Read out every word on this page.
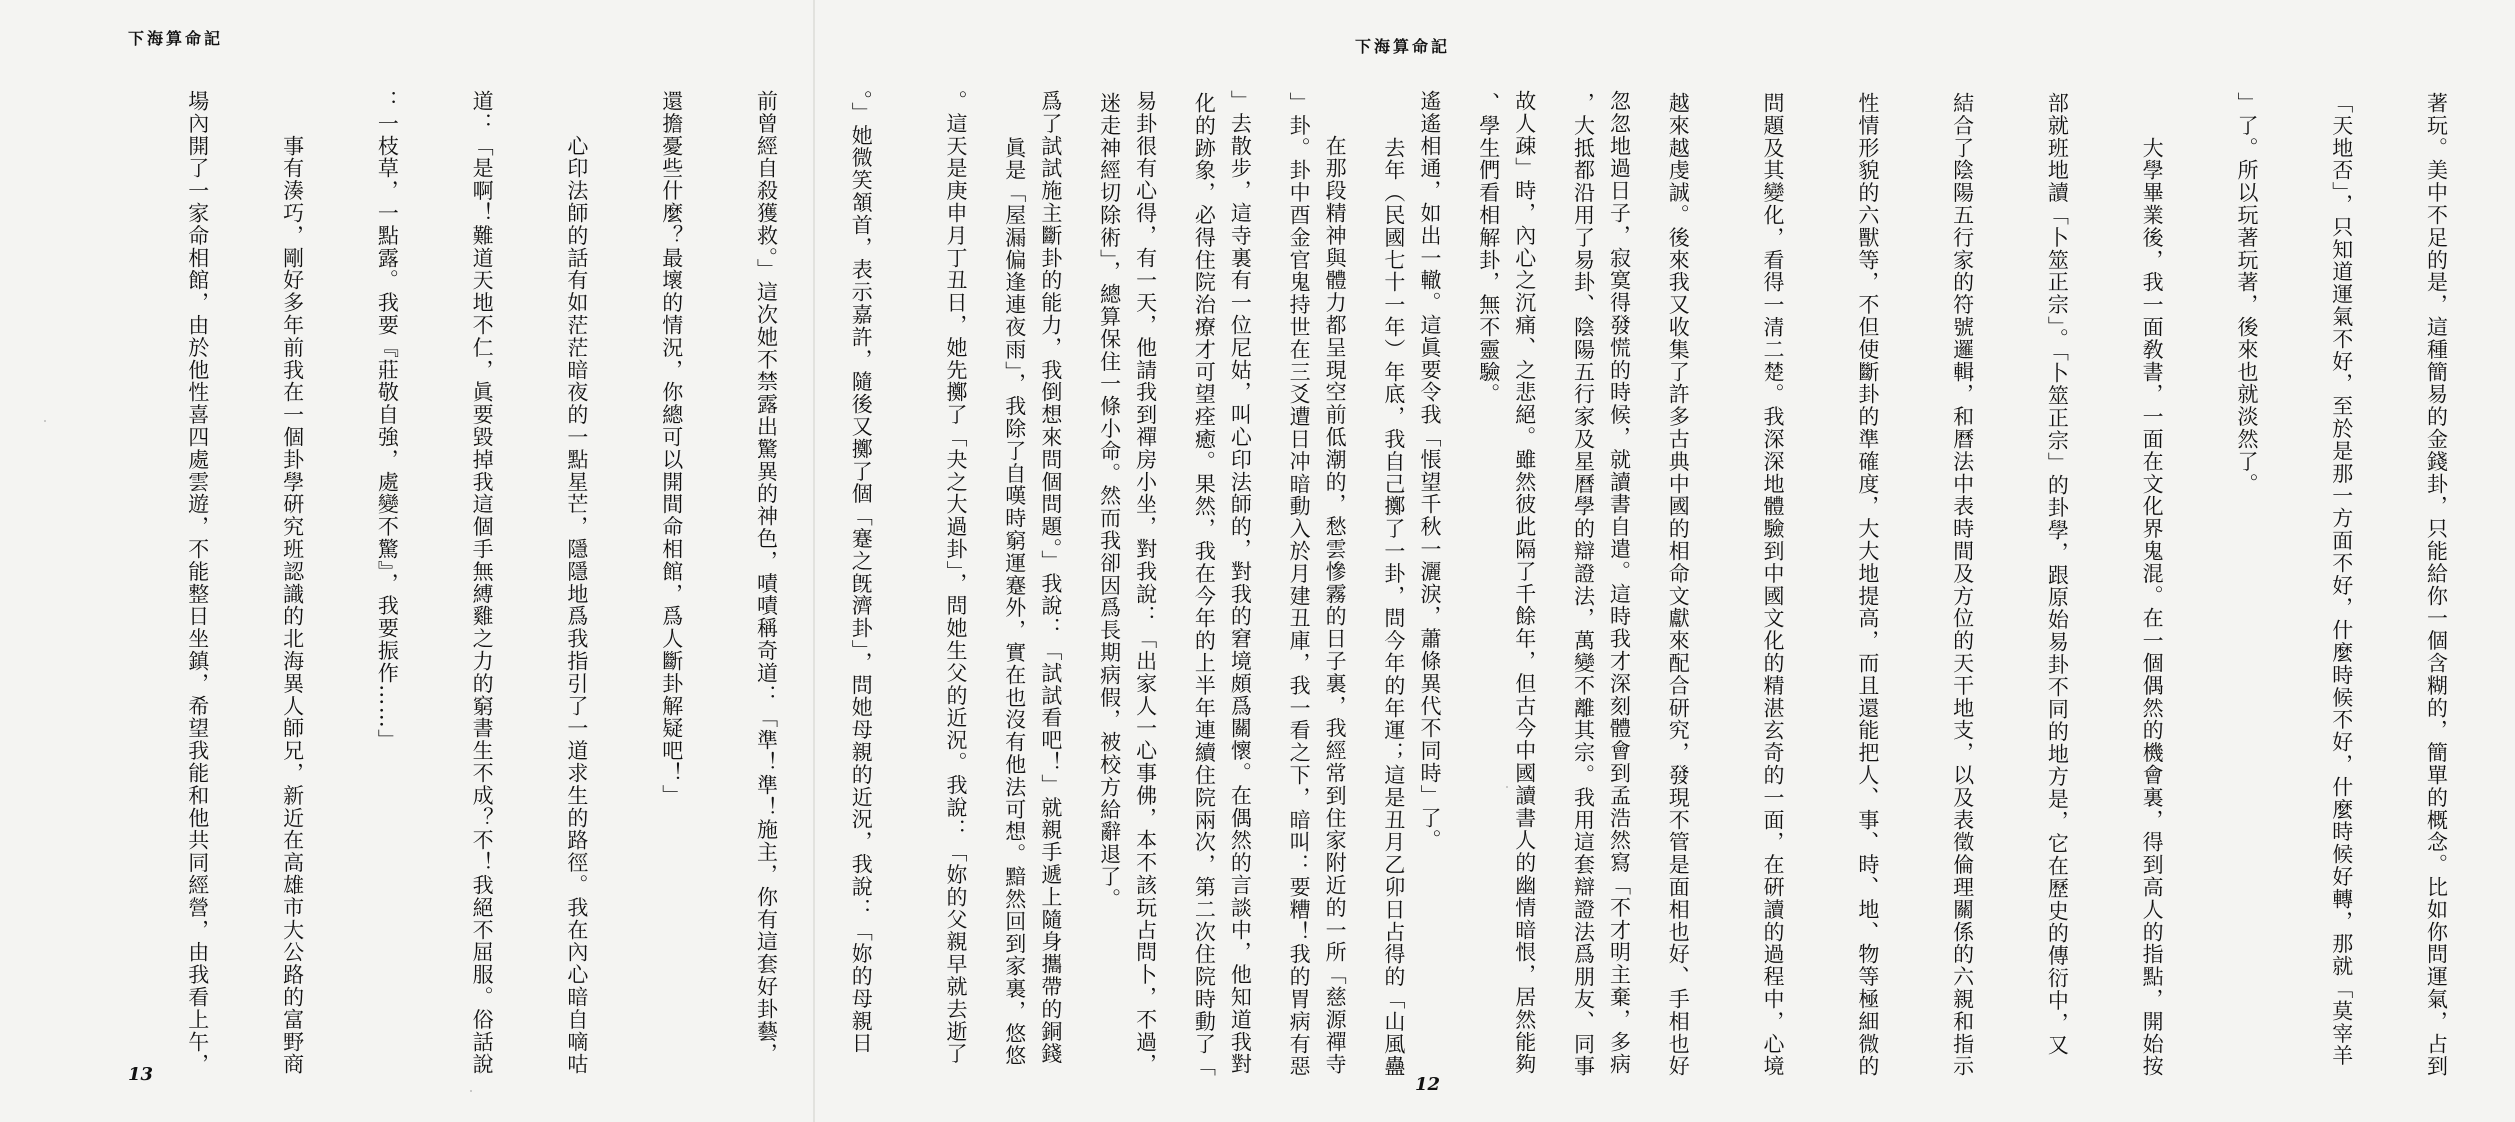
下海算命記

忽忽地過日子，寂寞得發慌的時候，就讀書自遣。這時我才深刻體會到孟浩然寫「不才明主棄，多病

故人疎」時，內心之沉痛、之悲絕。雖然彼此隔了千餘年，但古今中國讀書人的幽情暗恨，居然能夠

遙遙相通，如出一轍。這眞要令我「悵望千秋一灑淚，蕭條異代不同時」了。

　　在那段精神與體力都呈現空前低潮的，愁雲慘霧的日子裏，我經常到住家附近的一所「慈源禪寺

」去散步，這寺裏有一位尼姑，叫心印法師的，對我的窘境頗爲關懷。在偶然的言談中，他知道我對

易卦很有心得，有一天，他請我到禪房小坐，對我說：「出家人一心事佛，本不該玩占問卜，不過，

爲了試試施主斷卦的能力，我倒想來問個問題。」我說：「試試看吧！」就親手遞上隨身攜帶的銅錢

。這天是庚申月丁丑日，她先擲了「夬之大過卦」，問她生父的近況。我說：「妳的父親早就去逝了

。」她微笑頷首，表示嘉許，隨後又擲了個「蹇之旣濟卦」，問她母親的近況，我說：「妳的母親日

前曾經自殺獲救。」這次她不禁露出驚異的神色，嘖嘖稱奇道：「準！準！施主，你有這套好卦藝，

還擔憂些什麼？最壞的情況，你總可以開間命相館，爲人斷卦解疑吧！」

　　心印法師的話有如茫茫暗夜的一點星芒，隱隱地爲我指引了一道求生的路徑。我在內心暗自嘀咕

道：「是啊！難道天地不仁，眞要毀掉我這個手無縛雞之力的窮書生不成？不！我絕不屈服。俗話說

：一枝草，一點露。我要『莊敬自強，處變不驚』，我要振作……」

　　事有湊巧，剛好多年前我在一個卦學硏究班認識的北海異人師兄，新近在高雄市大公路的富野商

場內開了一家命相館，由於他性喜四處雲遊，不能整日坐鎮，希望我能和他共同經營，由我看上午，

13
下海算命記

著玩。美中不足的是，這種簡易的金錢卦，只能給你一個含糊的，簡單的概念。比如你問運氣，占到

「天地否」，只知道運氣不好，至於是那一方面不好，什麼時候不好，什麼時候好轉，那就「莫宰羊

」了。所以玩著玩著，後來也就淡然了。

　　大學畢業後，我一面敎書，一面在文化界鬼混。在一個偶然的機會裏，得到高人的指點，開始按

部就班地讀「卜筮正宗」。「卜筮正宗」的卦學，跟原始易卦不同的地方是，它在歷史的傳衍中，又

結合了陰陽五行家的符號邏輯，和曆法中表時間及方位的天干地支，以及表徵倫理關係的六親和指示

性情形貌的六獸等，不但使斷卦的準確度，大大地提高，而且還能把人、事、時、地、物等極細微的

問題及其變化，看得一清二楚。我深深地體驗到中國文化的精湛玄奇的一面，在硏讀的過程中，心境

越來越虔誠。後來我又收集了許多古典中國的相命文獻來配合研究，發現不管是面相也好、手相也好

，大抵都沿用了易卦、陰陽五行家及星曆學的辯證法，萬變不離其宗。我用這套辯證法爲朋友、同事

、學生們看相解卦，無不靈驗。

　　去年（民國七十一年）年底，我自己擲了一卦，問今年的年運；這是丑月乙卯日占得的「山風蠱

」卦。卦中酉金官鬼持世在三爻遭日冲暗動入於月建丑庫，我一看之下，暗叫：要糟！我的胃病有惡

化的跡象，必得住院治療才可望痊癒。果然，我在今年的上半年連續住院兩次，第二次住院時動了「

迷走神經切除術」，總算保住一條小命。然而我卻因爲長期病假，被校方給辭退了。

　　眞是「屋漏偏逢連夜雨」，我除了自嘆時窮運蹇外，實在也沒有他法可想。黯然回到家裏，悠悠

12
